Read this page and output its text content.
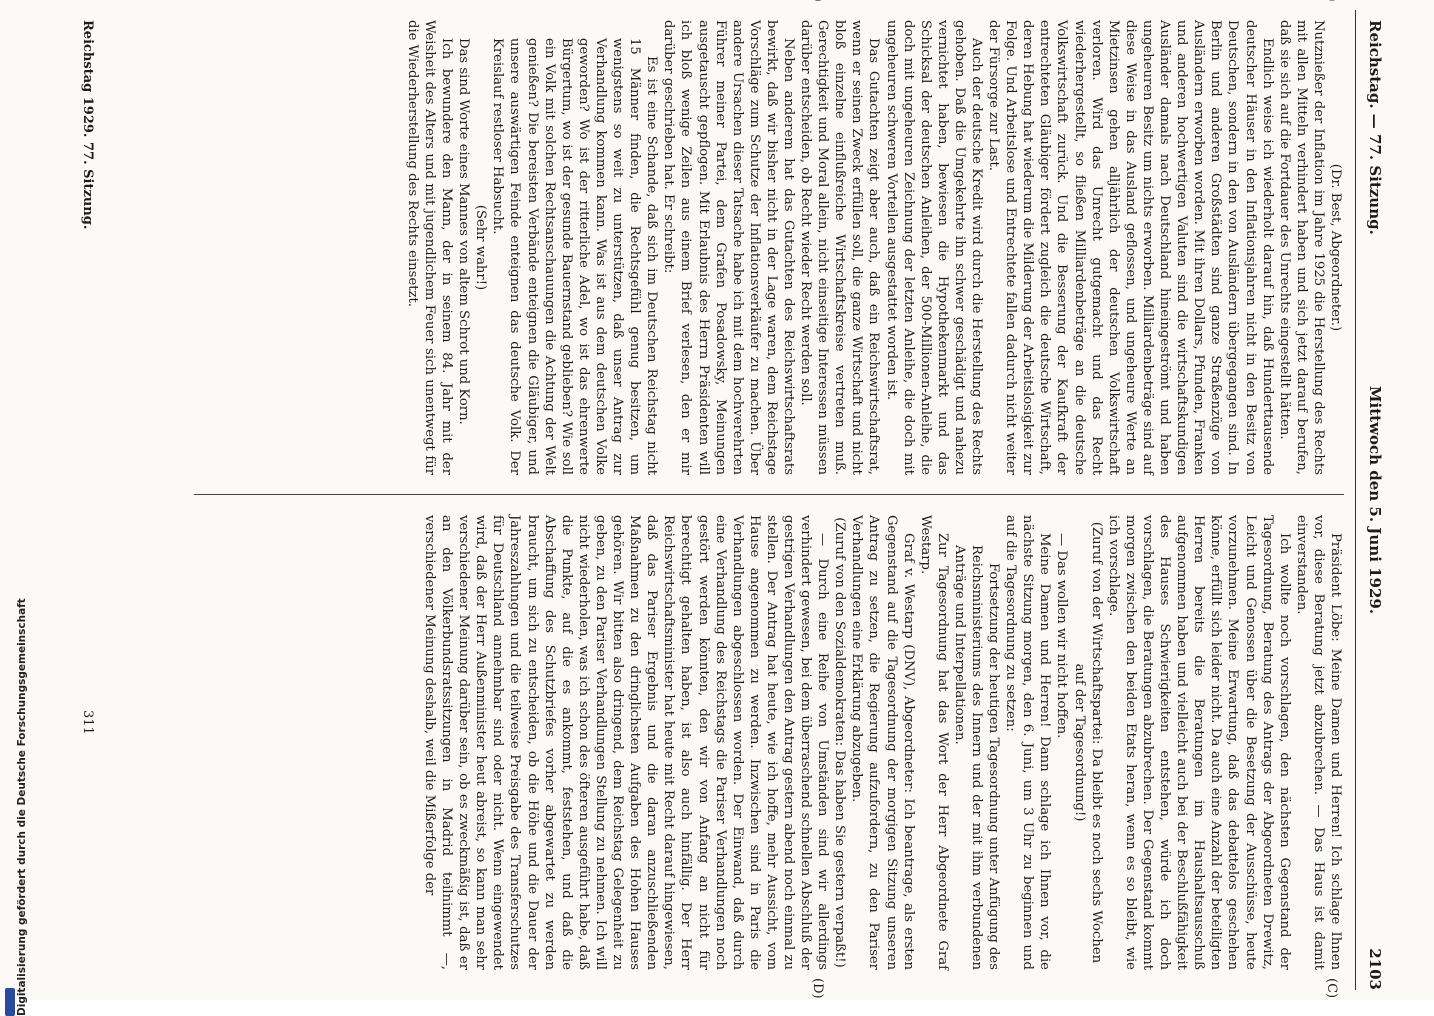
Reichstag. — 77. Sitzung.
Mittwoch den 5. Juni 1929.
2103
(C)
(D)

(Dr. Best, Abgeordneter.)

Nutznießer der Inflation im Jahre 1925 die Herstellung des Rechts mit allen Mitteln verhindert haben und sich jetzt darauf berufen, daß sie sich auf die Fortdauer des Unrechts eingestellt hätten.

Endlich weise ich wiederholt darauf hin, daß Hunderttausende deutscher Häuser in den Inflationsjahren nicht in den Besitz von Deutschen, sondern in den von Ausländern übergegangen sind. In Berlin und anderen Großstädten sind ganze Straßenzüge von Ausländern erworben worden. Mit ihren Dollars, Pfunden, Franken und anderen hochwertigen Valuten sind die wirtschaftskundigen Ausländer damals nach Deutschland hineingeströmt und haben ungeheuren Besitz um nichts erworben. Milliardenbeträge sind auf diese Weise in das Ausland geflossen, und ungeheure Werte an Mietzinsen gehen alljährlich der deutschen Volkswirtschaft verloren. Wird das Unrecht gutgemacht und das Recht wiederhergestellt, so fließen Milliardenbeträge an die deutsche Volkswirtschaft zurück. Und die Besserung der Kaufkraft der entrechteten Gläubiger fördert zugleich die deutsche Wirtschaft, deren Hebung hat wiederum die Milderung der Arbeitslosigkeit zur Folge. Und Arbeitslose und Entrechtete fallen dadurch nicht weiter der Fürsorge zur Last.

Auch der deutsche Kredit wird durch die Herstellung des Rechts gehoben. Daß die Umgekehrte ihn schwer geschädigt und nahezu vernichtet haben, bewiesen die Hypothekenmarkt und das Schicksal der deutschen Anleihen, der 500-Millionen-Anleihe, die doch mit ungeheuren Zeichnung der letzten Anleihe, die doch mit ungeheuren schweren Vorteilen ausgestattet worden ist.

Das Gutachten zeigt aber auch, daß ein Reichswirtschaftsrat, wenn er seinen Zweck erfüllen soll, die ganze Wirtschaft und nicht bloß einzelne einflußreiche Wirtschaftskreise vertreten muß. Gerechtigkeit und Moral allein, nicht einseitige Interessen müssen darüber entscheiden, ob Recht wieder Recht werden soll.

Neben anderem hat das Gutachten des Reichswirtschaftsrats bewirkt, daß wir bisher nicht in der Lage waren, dem Reichstage Vorschläge zum Schutze der Inflationsverkäufer zu machen. Über andere Ursachen dieser Tatsache habe ich mit dem hochverehrten Führer meiner Partei, dem Grafen Posadowsky, Meinungen ausgetauscht gepflogen. Mit Erlaubnis des Herrn Präsidenten will ich bloß wenige Zeilen aus einem Brief verlesen, den er mir darüber geschrieben hat. Er schreibt:

Es ist eine Schande, daß sich im Deutschen Reichstag nicht 15 Männer finden, die Rechtsgefühl genug besitzen, um wenigstens so weit zu unterstützen, daß unser Antrag zur Verhandlung kommen kann. Was ist aus dem deutschen Volke geworden? Wo ist der ritterliche Adel, wo ist das ehrenwerte Bürgertum, wo ist der gesunde Bauernstand geblieben? Wie soll ein Volk mit solchen Rechtsanschauungen die Achtung der Welt genießen? Die bereisten Verbände enteignen die Gläubiger, und unsere auswärtigen Feinde enteignen das deutsche Volk. Der Kreislauf restloser Habsucht.

(Sehr wahr!)

Das sind Worte eines Mannes von altem Schrot und Korn.

Ich bewundere den Mann, der in seinem 84. Jahr mit der Weisheit des Alters und mit jugendlichem Feuer sich unentwegt für die Wiederherstellung des Rechts einsetzt.

Präsident Löbe: Meine Damen und Herren! Ich schlage Ihnen vor, diese Beratung jetzt abzubrechen. — Das Haus ist damit einverstanden.

Ich wollte noch vorschlagen, den nächsten Gegenstand der Tagesordnung, Beratung des Antrags der Abgeordneten Drewitz, Leicht und Genossen über die Besetzung der Ausschüsse, heute vorzunehmen. Meine Erwartung, daß das debattelos geschehen könne, erfüllt sich leider nicht. Da auch eine Anzahl der beteiligten Herren bereits die Beratungen im Haushaltsausschuß aufgenommen haben und vielleicht auch bei der Beschlußfähigkeit des Hauses Schwierigkeiten entstehen, würde ich doch vorschlagen, die Beratungen abzubrechen. Der Gegenstand kommt morgen zwischen den beiden Etats heran, wenn es so bleibt, wie ich vorschlage.

(Zuruf von der Wirtschaftspartei: Da bleibt es noch sechs Wochen auf der Tagesordnung!)

— Das wollen wir nicht hoffen.

Meine Damen und Herren! Dann schlage ich Ihnen vor, die nächste Sitzung morgen, den 6. Juni, um 3 Uhr zu beginnen und auf die Tagesordnung zu setzen:

Fortsetzung der heutigen Tagesordnung unter Anfügung des Reichsministeriums des Innern und der mit ihm verbundenen Anträge und Interpellationen.

Zur Tagesordnung hat das Wort der Herr Abgeordnete Graf Westarp.

Graf v. Westarp (DNV), Abgeordneter: Ich beantrage, als ersten Gegenstand auf die Tagesordnung der morgigen Sitzung unseren Antrag zu setzen, die Regierung aufzufordern, zu den Pariser Verhandlungen eine Erklärung abzugeben.

(Zuruf von den Sozialdemokraten: Das haben Sie gestern verpaßt!)

— Durch eine Reihe von Umständen sind wir allerdings verhindert gewesen, bei dem überraschend schnellen Abschluß der gestrigen Verhandlungen den Antrag gestern abend noch einmal zu stellen. Der Antrag hat heute, wie ich hoffe, mehr Aussicht, vom Hause angenommen zu werden. Inzwischen sind in Paris die Verhandlungen abgeschlossen worden. Der Einwand, daß durch eine Verhandlung des Reichstags die Pariser Verhandlungen noch gestört werden könnten, den wir von Anfang an nicht für berechtigt gehalten haben, ist also auch hinfällig. Der Herr Reichswirtschaftsminister hat heute mit Recht darauf hingewiesen, daß das Pariser Ergebnis und die daran anzuschließenden Maßnahmen zu den dringlichsten Aufgaben des Hohen Hauses gehören. Wir bitten also dringend, dem Reichstag Gelegenheit zu geben, zu den Pariser Verhandlungen Stellung zu nehmen. Ich will nicht wiederholen, was ich schon des öfteren ausgeführt habe, daß die Punkte, auf die es ankommt, feststehen, und daß die Abschaffung des Schutzbriefes vorher abgewartet zu werden braucht, um sich zu entscheiden, ob die Höhe und die Dauer der Jahreszahlungen und die teilweise Preisgabe des Transferschutzes für Deutschland annehmbar sind oder nicht. Wenn eingewendet wird, daß der Herr Außenminister heut abreist, so kann man sehr verschiedener Meinung darüber sein, ob es zweckmäßig ist, daß er an den Völkerbundsratssitzungen in Madrid teilnimmt —, verschiedener Meinung deshalb, weil die Mißerfolge der

Reichstag 1929. 77. Sitzung.
311
Digitalisierung gefördert durch die Deutsche Forschungsgemeinschaft
